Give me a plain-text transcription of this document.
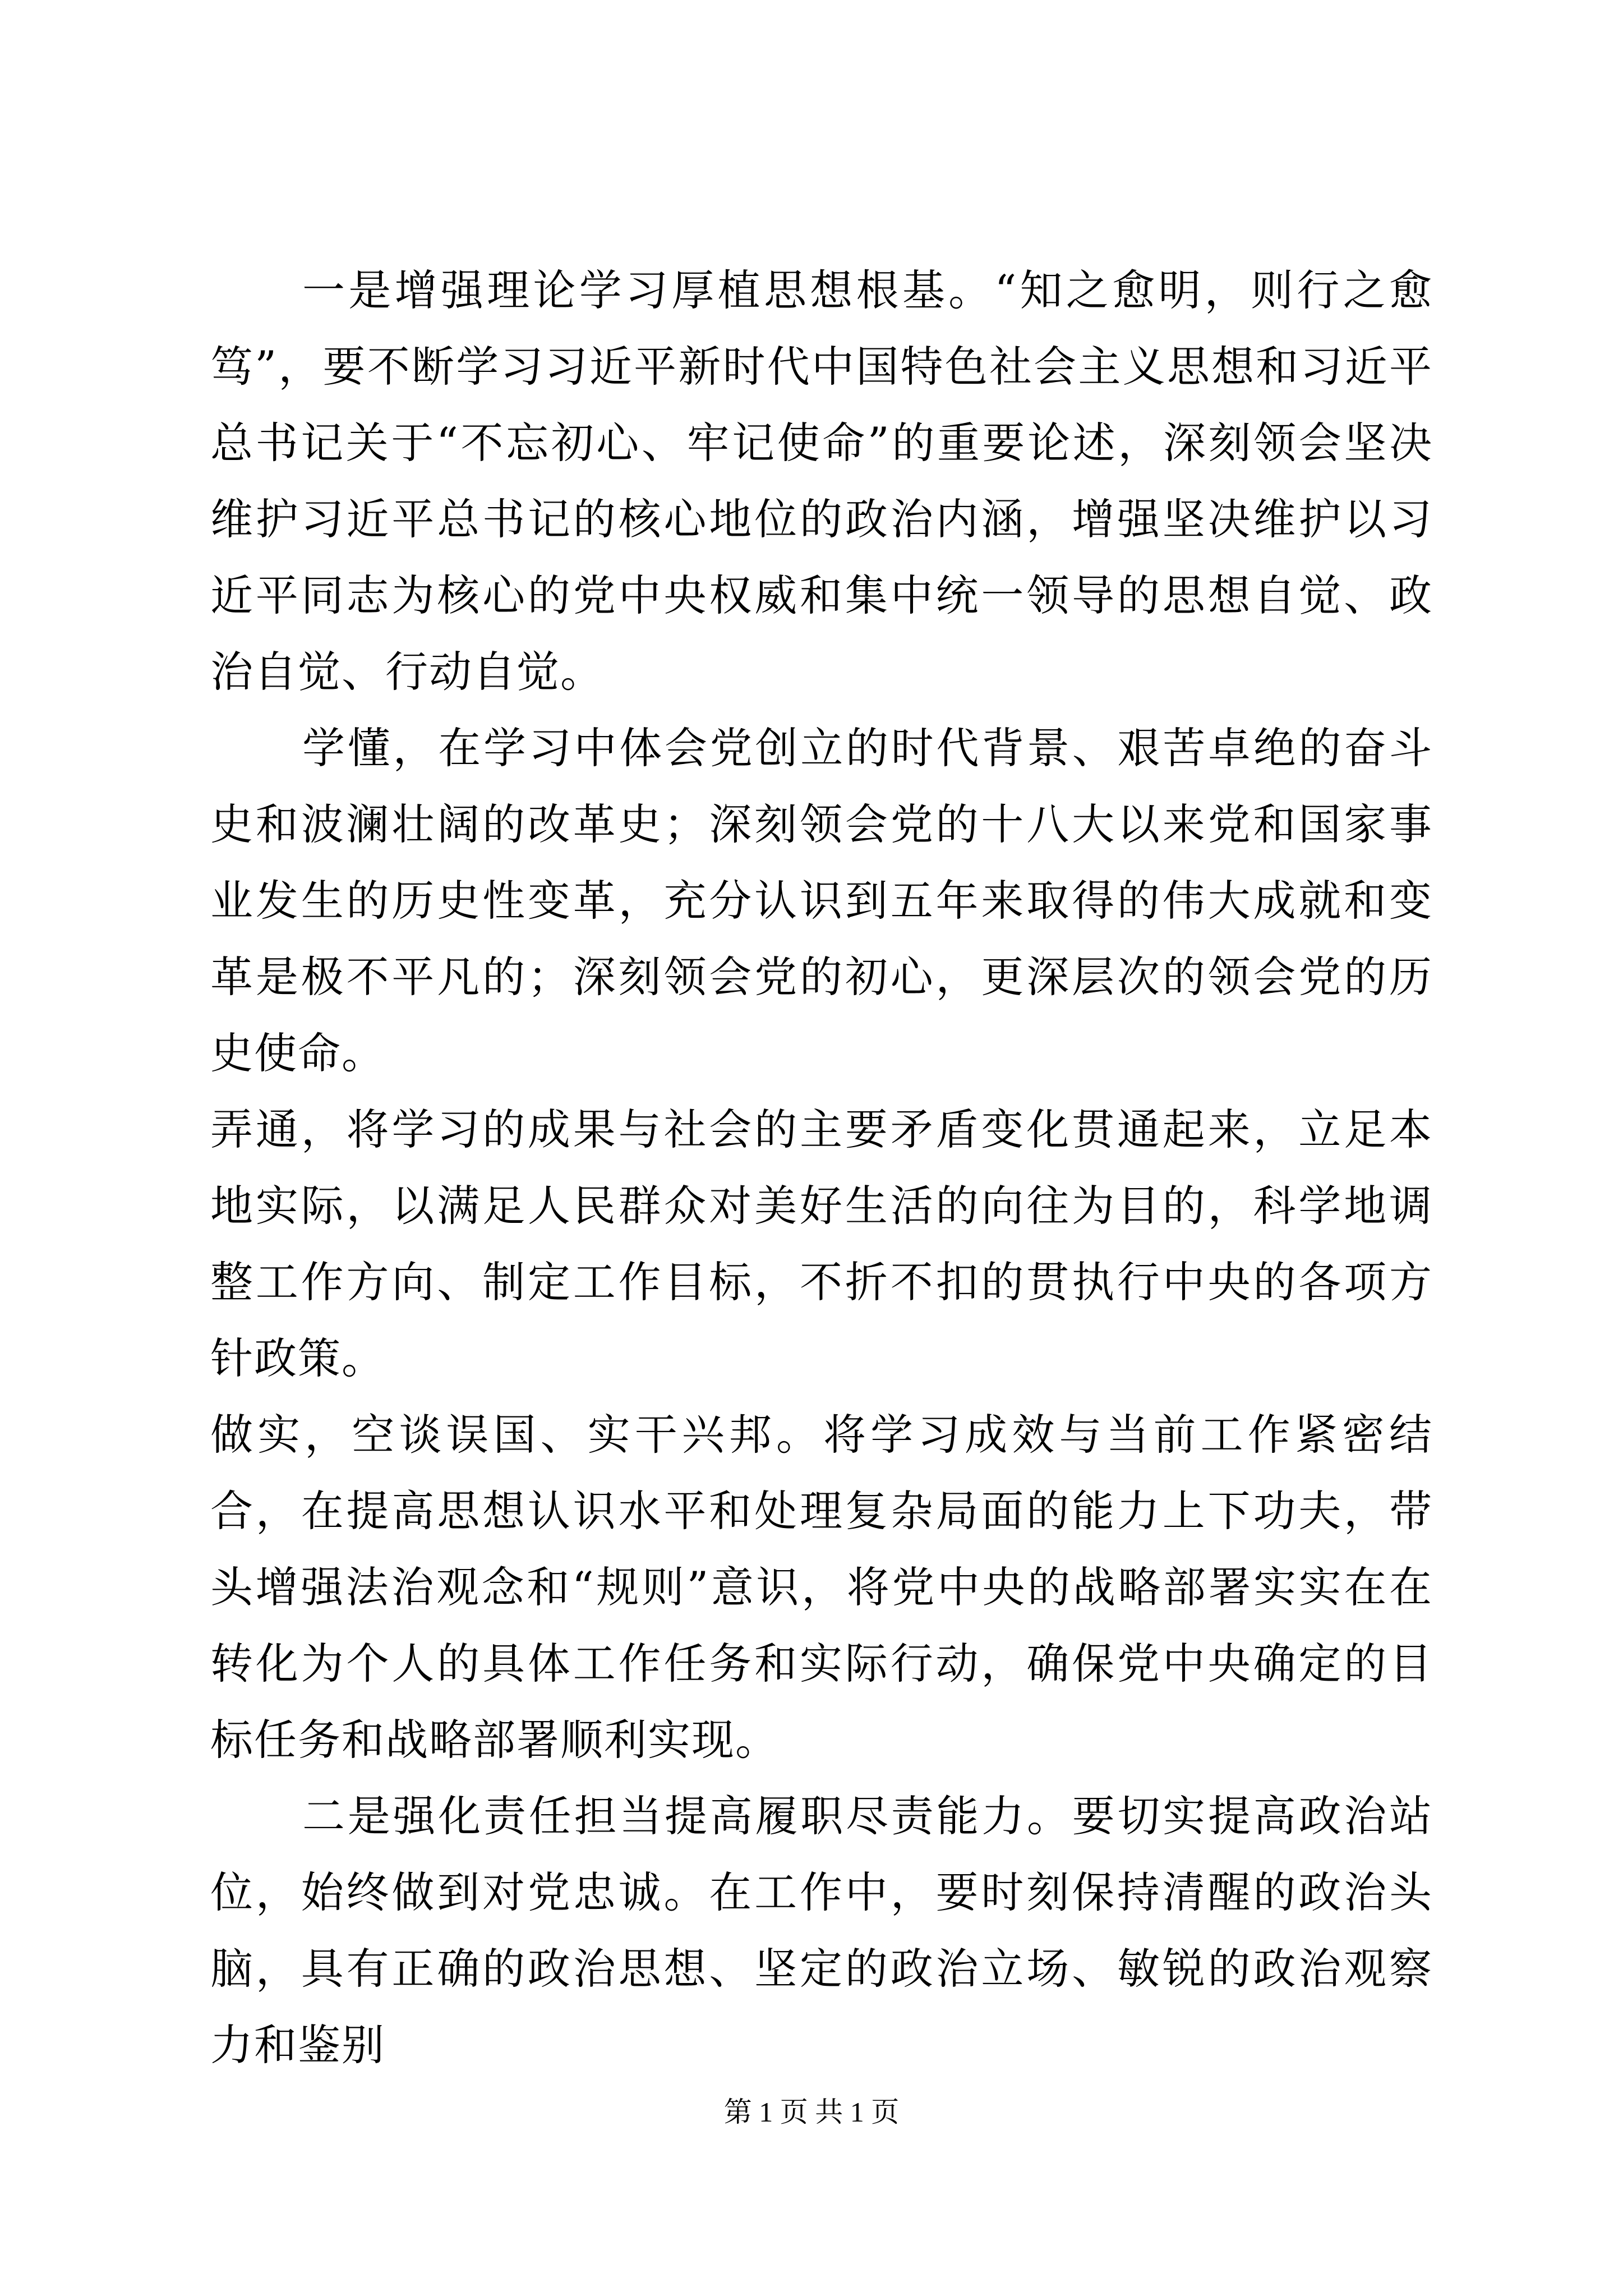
一是增强理论学习厚植思想根基。“知之愈明，则行之愈笃”，要不断学习习近平新时代中国特色社会主义思想和习近平总书记关于“不忘初心、牢记使命”的重要论述，深刻领会坚决维护习近平总书记的核心地位的政治内涵，增强坚决维护以习近平同志为核心的党中央权威和集中统一领导的思想自觉、政治自觉、行动自觉。

学懂，在学习中体会党创立的时代背景、艰苦卓绝的奋斗史和波澜壮阔的改革史；深刻领会党的十八大以来党和国家事业发生的历史性变革，充分认识到五年来取得的伟大成就和变革是极不平凡的；深刻领会党的初心，更深层次的领会党的历史使命。

弄通，将学习的成果与社会的主要矛盾变化贯通起来，立足本地实际，以满足人民群众对美好生活的向往为目的，科学地调整工作方向、制定工作目标，不折不扣的贯执行中央的各项方针政策。

做实，空谈误国、实干兴邦。将学习成效与当前工作紧密结合，在提高思想认识水平和处理复杂局面的能力上下功夫，带头增强法治观念和“规则”意识，将党中央的战略部署实实在在转化为个人的具体工作任务和实际行动，确保党中央确定的目标任务和战略部署顺利实现。

二是强化责任担当提高履职尽责能力。要切实提高政治站位，始终做到对党忠诚。在工作中，要时刻保持清醒的政治头脑，具有正确的政治思想、坚定的政治立场、敏锐的政治观察力和鉴别

第 1 页 共 1 页
